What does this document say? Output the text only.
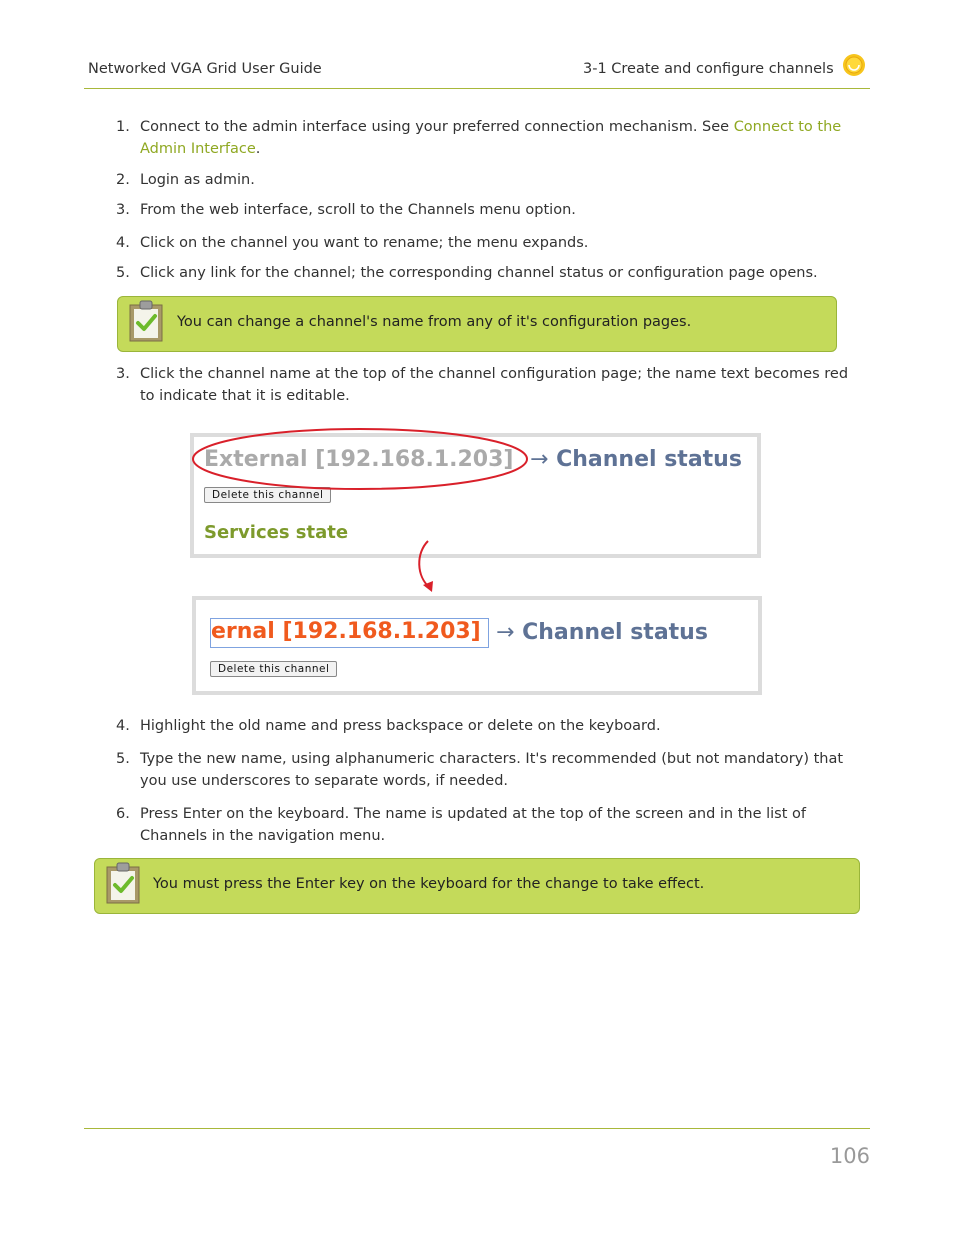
Networked VGA Grid User Guide	3-1 Create and configure channels
1. Connect to the admin interface using your preferred connection mechanism. See Connect to the Admin Interface.
2. Login as admin.
3. From the web interface, scroll to the Channels menu option.
4. Click on the channel you want to rename; the menu expands.
5. Click any link for the channel; the corresponding channel status or configuration page opens.
You can change a channel's name from any of it's configuration pages.
3. Click the channel name at the top of the channel configuration page; the name text becomes red to indicate that it is editable.
External [192.168.1.203] → Channel status
Delete this channel
Services state
ernal [192.168.1.203] → Channel status
Delete this channel
4. Highlight the old name and press backspace or delete on the keyboard.
5. Type the new name, using alphanumeric characters. It's recommended (but not mandatory) that you use underscores to separate words, if needed.
6. Press Enter on the keyboard. The name is updated at the top of the screen and in the list of Channels in the navigation menu.
You must press the Enter key on the keyboard for the change to take effect.
106
